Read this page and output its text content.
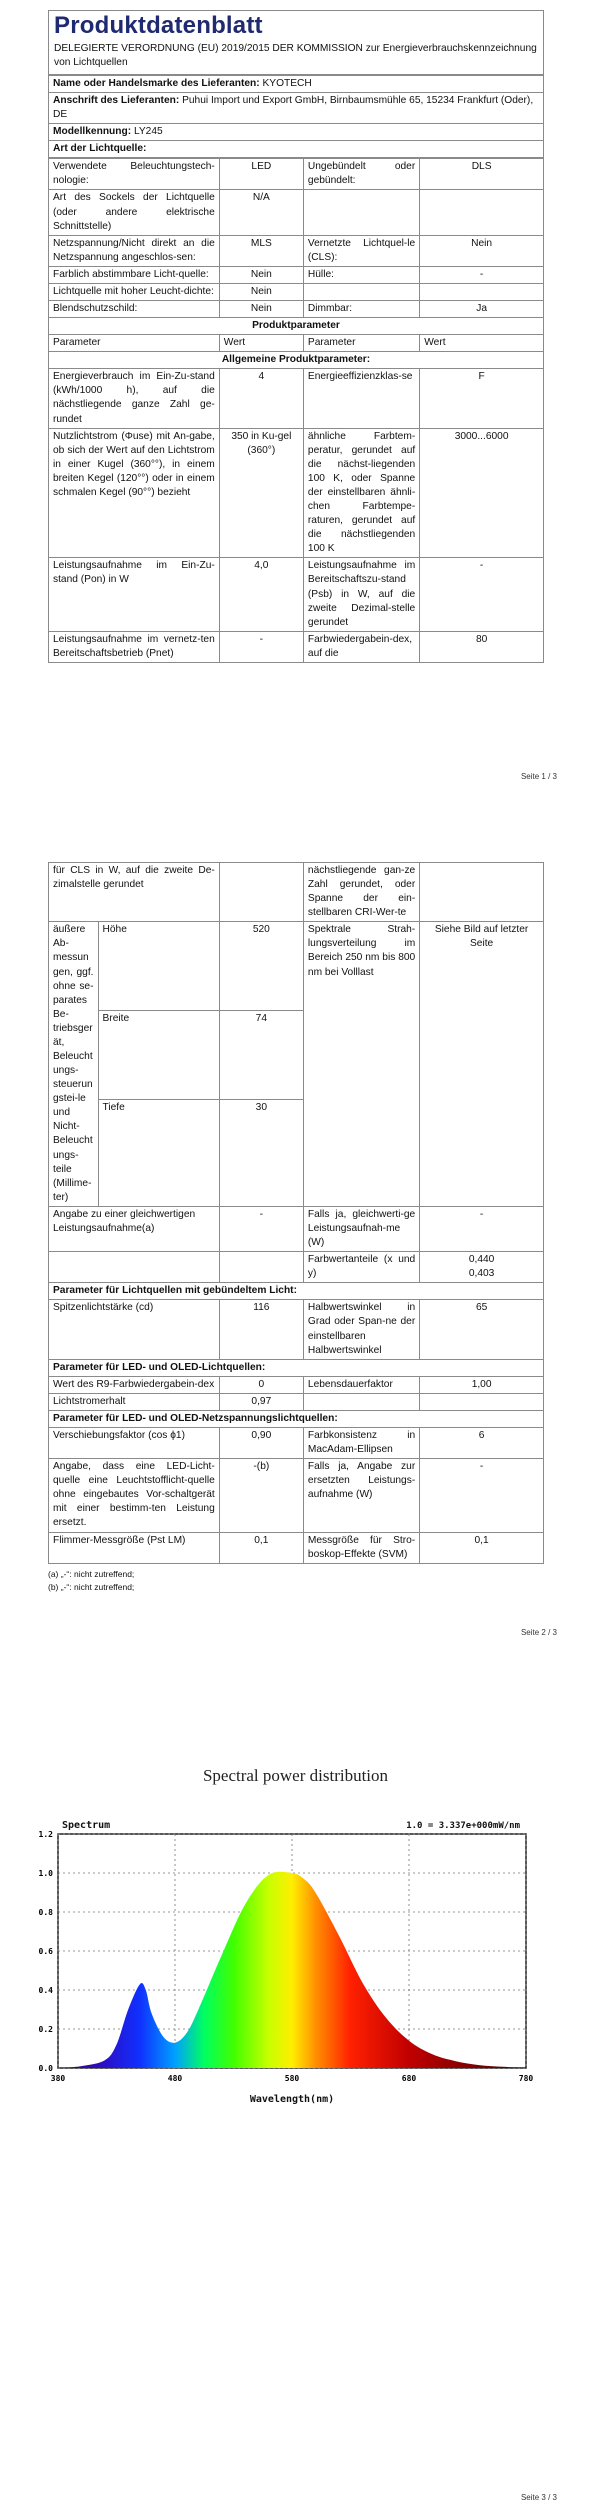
Produktdatenblatt
DELEGIERTE VERORDNUNG (EU) 2019/2015 DER KOMMISSION zur Energieverbrauchskennzeichnung von Lichtquellen
Name oder Handelsmarke des Lieferanten: KYOTECH
Anschrift des Lieferanten: Puhui Import und Export GmbH, Birnbaumsmühle 65, 15234 Frankfurt (Oder), DE
Modellkennung: LY245
Art der Lichtquelle:
Verwendete Beleuchtungstech-nologie:	LED	Ungebündelt oder gebündelt:	DLS
Art des Sockels der Lichtquelle (oder andere elektrische Schnittstelle)	N/A		
Netzspannung/Nicht direkt an die Netzspannung angeschlos-sen:	MLS	Vernetzte Lichtquel-le (CLS):	Nein
Farblich abstimmbare Licht-quelle:	Nein	Hülle:	-
Lichtquelle mit hoher Leucht-dichte:	Nein		
Blendschutzschild:	Nein	Dimmbar:	Ja
Produktparameter			
Parameter	Wert	Parameter	Wert
Allgemeine Produktparameter:			
Energieverbrauch im Ein-Zu-stand (kWh/1000 h), auf die nächstliegende ganze Zahl ge-rundet	4	Energieeffizienzklas-se	F
Nutzlichtstrom (Φuse) mit An-gabe, ob sich der Wert auf den Lichtstrom in einer Kugel (360°°), in einem breiten Kegel (120°°) oder in einem schmalen Kegel (90°°) bezieht	350 in Ku-gel (360°)	ähnliche Farbtem-peratur, gerundet auf die nächst-liegenden 100 K, oder Spanne der einstellbaren ähnli-chen Farbtempe-raturen, gerundet auf die nächstliegenden 100 K	3000...6000
Leistungsaufnahme im Ein-Zu-stand (Pon) in W	4,0	Leistungsaufnahme im Bereitschaftszu-stand (Psb) in W, auf die zweite Dezimal-stelle gerundet	-
Leistungsaufnahme im vernetz-ten Bereitschaftsbetrieb (Pnet)	-	Farbwiedergabein-dex, auf die	80
Seite 1 / 3
für CLS in W, auf die zweite De-zimalstelle gerundet			nächstliegende gan-ze Zahl gerundet, oder Spanne der ein-stellbaren CRI-Wer-te	
äußere Ab-messungen, ggf. ohne se-parates Be-triebsgerät, Beleuchtungs-steuerungstei-le und Nicht-Beleuchtungs-teile (Millime-ter)	Höhe	520	Spektrale Strah-lungsverteilung im Bereich 250 nm bis 800 nm bei Volllast	Siehe Bild auf letzter Seite
	Breite	74		
	Tiefe	30		
Angabe zu einer gleichwertigen Leistungsaufnahme(a)		-	Falls ja, gleichwerti-ge Leistungsaufnah-me (W)	-
			Farbwertanteile (x und y)	0,440
0,403
Parameter für Lichtquellen mit gebündeltem Licht:				
Spitzenlichtstärke (cd)		116	Halbwertswinkel in Grad oder Span-ne der einstellbaren Halbwertswinkel	65
Parameter für LED- und OLED-Lichtquellen:				
Wert des R9-Farbwiedergabein-dex		0	Lebensdauerfaktor	1,00
Lichtstromerhalt		0,97		
Parameter für LED- und OLED-Netzspannungslichtquellen:				
Verschiebungsfaktor (cos ϕ1)		0,90	Farbkonsistenz in MacAdam-Ellipsen	6
Angabe, dass eine LED-Licht-quelle eine Leuchtstofflicht-quelle ohne eingebautes Vor-schaltgerät mit einer bestimm-ten Leistung ersetzt.		-(b)	Falls ja, Angabe zur ersetzten Leistungs-aufnahme (W)	-
Flimmer-Messgröße (Pst LM)		0,1	Messgröße für Stro-boskop-Effekte (SVM)	0,1
(a) „-“: nicht zutreffend;
(b) „-“: nicht zutreffend;
Seite 2 / 3
Spectral power distribution
0.0
0.2
0.4
0.6
0.8
1.0
1.2
380	480	580	680	780
Spectrum	1.0 = 3.337e+000mW/nm
Wavelength(nm)
Seite 3 / 3
